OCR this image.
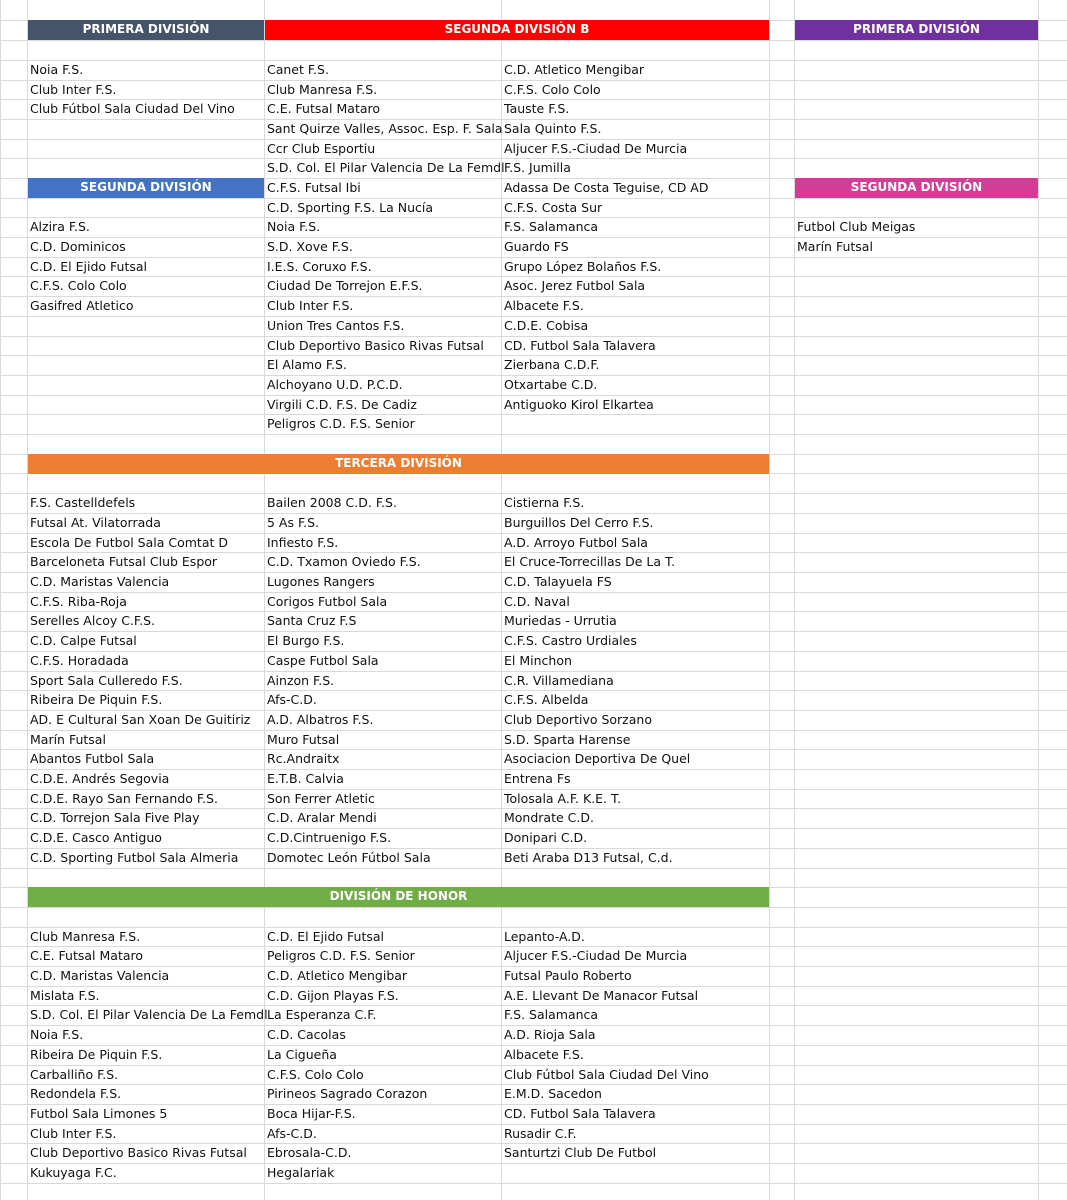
PRIMERA DIVISIÓN
Noia F.S.
Club Inter F.S.
Club Fútbol Sala Ciudad Del Vino
SEGUNDA DIVISIÓN
Alzira F.S.
C.D. Dominicos
C.D. El Ejido Futsal
C.F.S. Colo Colo
Gasifred Atletico
SEGUNDA DIVISIÓN B
Canet F.S.
Club Manresa F.S.
C.E. Futsal Mataro
Sant Quirze Valles, Assoc. Esp. F. Sala
Ccr Club Esportiu
S.D. Col. El Pilar Valencia De La Femdl
C.F.S. Futsal Ibi
C.D. Sporting F.S. La Nucía
Noia F.S.
S.D. Xove F.S.
I.E.S. Coruxo F.S.
Ciudad De Torrejon E.F.S.
Club Inter F.S.
Union Tres Cantos F.S.
Club Deportivo Basico Rivas Futsal
El Alamo F.S.
Alchoyano U.D. P.C.D.
Virgili C.D. F.S. De Cadiz
Peligros C.D. F.S. Senior
C.D. Atletico Mengibar
C.F.S. Colo Colo
Tauste F.S.
Sala Quinto F.S.
Aljucer F.S.-Ciudad De Murcia
F.S. Jumilla
Adassa De Costa Teguise, CD AD
C.F.S. Costa Sur
F.S. Salamanca
Guardo FS
Grupo López Bolaños F.S.
Asoc. Jerez Futbol Sala
Albacete F.S.
C.D.E. Cobisa
CD. Futbol Sala Talavera
Zierbana C.D.F.
Otxartabe C.D.
Antiguoko Kirol Elkartea
PRIMERA DIVISIÓN
SEGUNDA DIVISIÓN
Futbol Club Meigas
Marín Futsal
TERCERA DIVISIÓN
F.S. Castelldefels
Futsal At. Vilatorrada
Escola De Futbol Sala Comtat D
Barceloneta Futsal Club Espor
C.D. Maristas Valencia
C.F.S. Riba-Roja
Serelles Alcoy C.F.S.
C.D. Calpe Futsal
C.F.S. Horadada
Sport Sala Culleredo F.S.
Ribeira De Piquin F.S.
AD. E Cultural San Xoan De Guitiriz
Marín Futsal
Abantos Futbol Sala
C.D.E. Andrés Segovia
C.D.E. Rayo San Fernando F.S.
C.D. Torrejon Sala Five Play
C.D.E. Casco Antiguo
C.D. Sporting Futbol Sala Almeria
Bailen 2008 C.D. F.S.
5 As F.S.
Infiesto F.S.
C.D. Txamon Oviedo F.S.
Lugones Rangers
Corigos Futbol Sala
Santa Cruz F.S
El Burgo F.S.
Caspe Futbol Sala
Ainzon F.S.
Afs-C.D.
A.D. Albatros F.S.
Muro Futsal
Rc.Andraitx
E.T.B. Calvia
Son Ferrer Atletic
C.D. Aralar Mendi
C.D.Cintruenigo F.S.
Domotec León Fútbol Sala
Cistierna F.S.
Burguillos Del Cerro F.S.
A.D. Arroyo Futbol Sala
El Cruce-Torrecillas De La T.
C.D. Talayuela FS
C.D. Naval
Muriedas - Urrutia
C.F.S. Castro Urdiales
El Minchon
C.R. Villamediana
C.F.S. Albelda
Club Deportivo Sorzano
S.D. Sparta Harense
Asociacion Deportiva De Quel
Entrena Fs
Tolosala A.F. K.E. T.
Mondrate C.D.
Donipari C.D.
Beti Araba D13 Futsal, C.d.
DIVISIÓN DE HONOR
Club Manresa F.S.
C.E. Futsal Mataro
C.D. Maristas Valencia
Mislata F.S.
S.D. Col. El Pilar Valencia De La Femdl
Noia F.S.
Ribeira De Piquin F.S.
Carballiño F.S.
Redondela F.S.
Futbol Sala Limones 5
Club Inter F.S.
Club Deportivo Basico Rivas Futsal
Kukuyaga F.C.
C.D. El Ejido Futsal
Peligros C.D. F.S. Senior
C.D. Atletico Mengibar
C.D. Gijon Playas F.S.
La Esperanza C.F.
C.D. Cacolas
La Cigueña
C.F.S. Colo Colo
Pirineos Sagrado Corazon
Boca Hijar-F.S.
Afs-C.D.
Ebrosala-C.D.
Hegalariak
Lepanto-A.D.
Aljucer F.S.-Ciudad De Murcia
Futsal Paulo Roberto
A.E. Llevant De Manacor Futsal
F.S. Salamanca
A.D. Rioja Sala
Albacete F.S.
Club Fútbol Sala Ciudad Del Vino
E.M.D. Sacedon
CD. Futbol Sala Talavera
Rusadir C.F.
Santurtzi Club De Futbol
